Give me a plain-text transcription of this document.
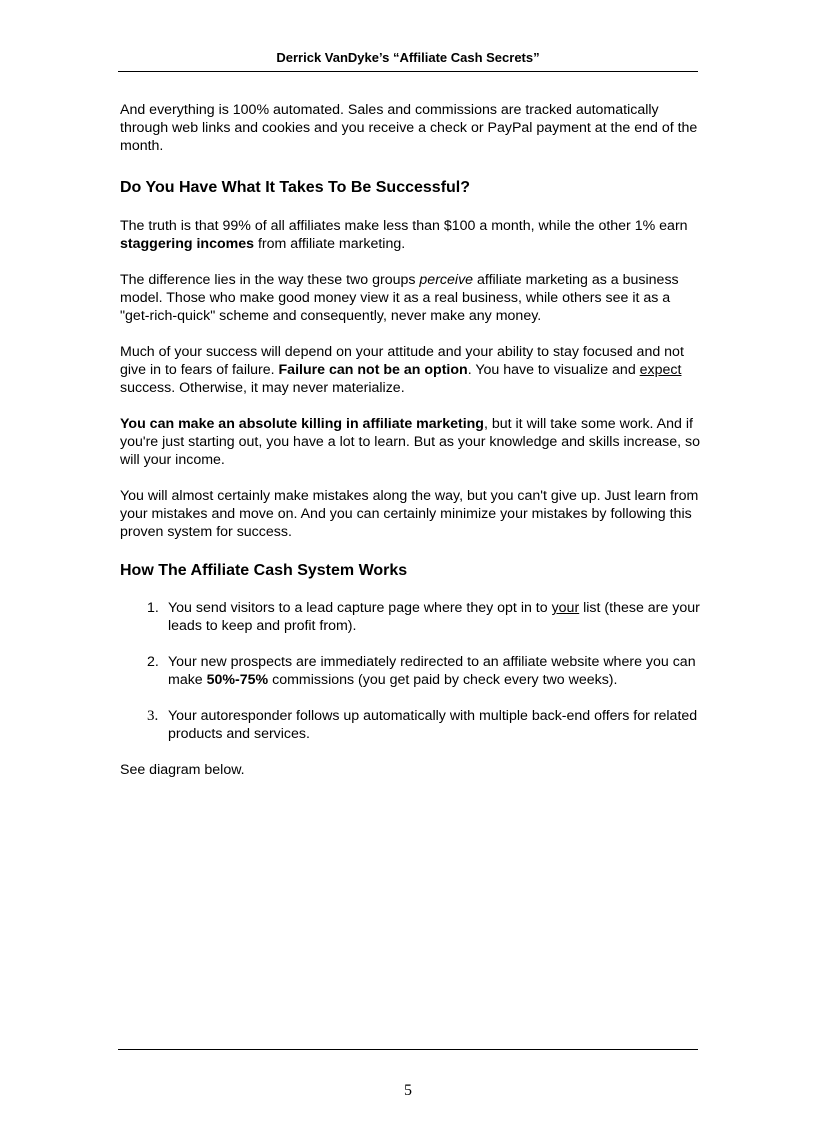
Derrick VanDyke’s “Affiliate Cash Secrets”

And everything is 100% automated. Sales and commissions are tracked automatically through web links and cookies and you receive a check or PayPal payment at the end of the month.

Do You Have What It Takes To Be Successful?

The truth is that 99% of all affiliates make less than $100 a month, while the other 1% earn staggering incomes from affiliate marketing.

The difference lies in the way these two groups perceive affiliate marketing as a business model. Those who make good money view it as a real business, while others see it as a "get-rich-quick" scheme and consequently, never make any money.

Much of your success will depend on your attitude and your ability to stay focused and not give in to fears of failure. Failure can not be an option. You have to visualize and expect success. Otherwise, it may never materialize.

You can make an absolute killing in affiliate marketing, but it will take some work. And if you're just starting out, you have a lot to learn. But as your knowledge and skills increase, so will your income.

You will almost certainly make mistakes along the way, but you can't give up. Just learn from your mistakes and move on. And you can certainly minimize your mistakes by following this proven system for success.

How The Affiliate Cash System Works
1. You send visitors to a lead capture page where they opt in to your list (these are your leads to keep and profit from).
2. Your new prospects are immediately redirected to an affiliate website where you can make 50%-75% commissions (you get paid by check every two weeks).
3. Your autoresponder follows up automatically with multiple back-end offers for related products and services.

See diagram below.

5
